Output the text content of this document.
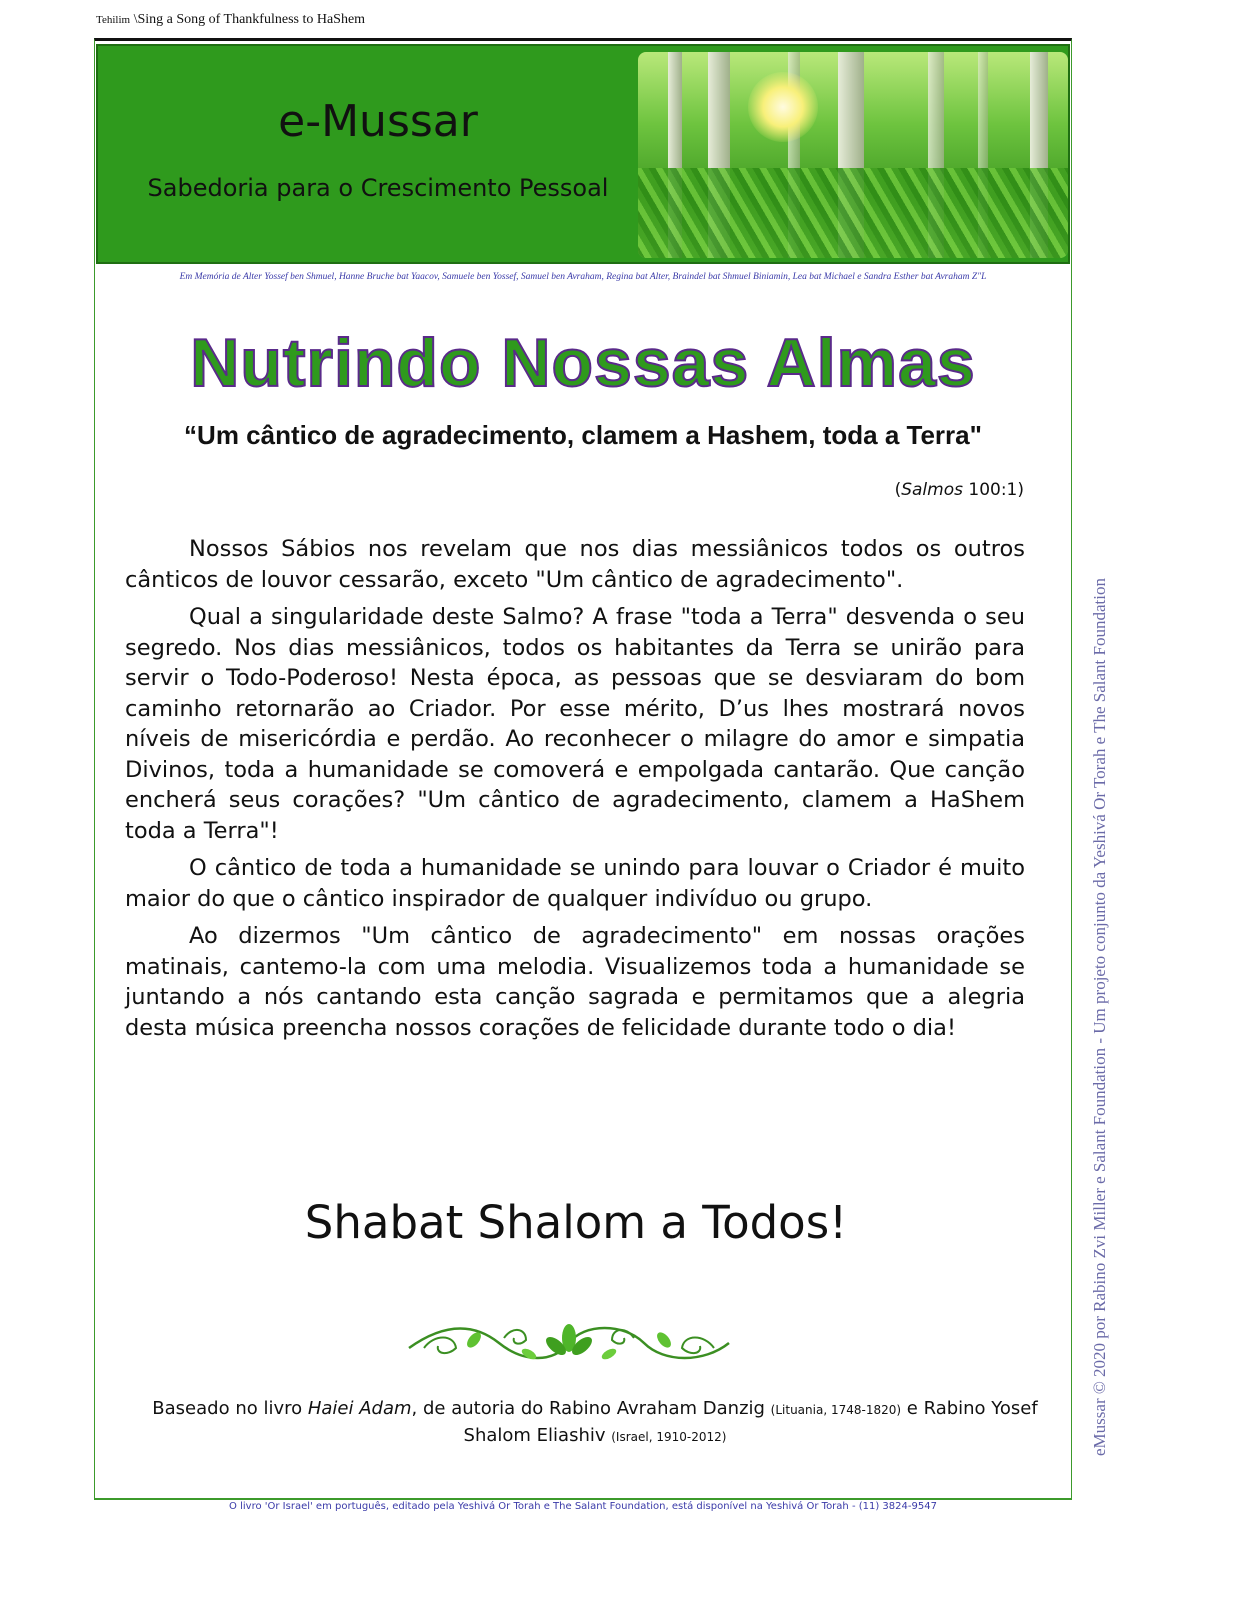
Tehilim \Sing a Song of Thankfulness to HaShem
e-Mussar
Sabedoria para o Crescimento Pessoal
Em Memória de Alter Yossef ben Shmuel, Hanne Bruche bat Yaacov, Samuele ben Yossef, Samuel ben Avraham, Regina bat Alter, Braindel bat Shmuel Biniamin, Lea bat Michael e Sandra Esther bat Avraham Z"L
Nutrindo Nossas Almas
“Um cântico de agradecimento, clamem a Hashem, toda a Terra"
(Salmos 100:1)

Nossos Sábios nos revelam que nos dias messiânicos todos os outros cânticos de louvor cessarão, exceto "Um cântico de agradecimento".

Qual a singularidade deste Salmo? A frase "toda a Terra" desvenda o seu segredo. Nos dias messiânicos, todos os habitantes da Terra se unirão para servir o Todo-Poderoso! Nesta época, as pessoas que se desviaram do bom caminho retornarão ao Criador. Por esse mérito, D’us lhes mostrará novos níveis de misericórdia e perdão. Ao reconhecer o milagre do amor e simpatia Divinos, toda a humanidade se comoverá e empolgada cantarão. Que canção encherá seus corações? "Um cântico de agradecimento, clamem a HaShem toda a Terra"!

O cântico de toda a humanidade se unindo para louvar o Criador é muito maior do que o cântico inspirador de qualquer indivíduo ou grupo.

Ao dizermos "Um cântico de agradecimento" em nossas orações matinais, cantemo-la com uma melodia. Visualizemos toda a humanidade se juntando a nós cantando esta canção sagrada e permitamos que a alegria desta música preencha nossos corações de felicidade durante todo o dia!

Shabat Shalom a Todos!
Baseado no livro Haiei Adam, de autoria do Rabino Avraham Danzig (Lituania, 1748-1820) e Rabino Yosef Shalom Eliashiv (Israel, 1910-2012)
O livro 'Or Israel' em português, editado pela Yeshivá Or Torah e The Salant Foundation, está disponível na Yeshivá Or Torah - (11) 3824-9547
eMussar © 2020 por Rabino Zvi Miller e Salant Foundation - Um projeto conjunto da Yeshivá Or Torah e The Salant Foundation
